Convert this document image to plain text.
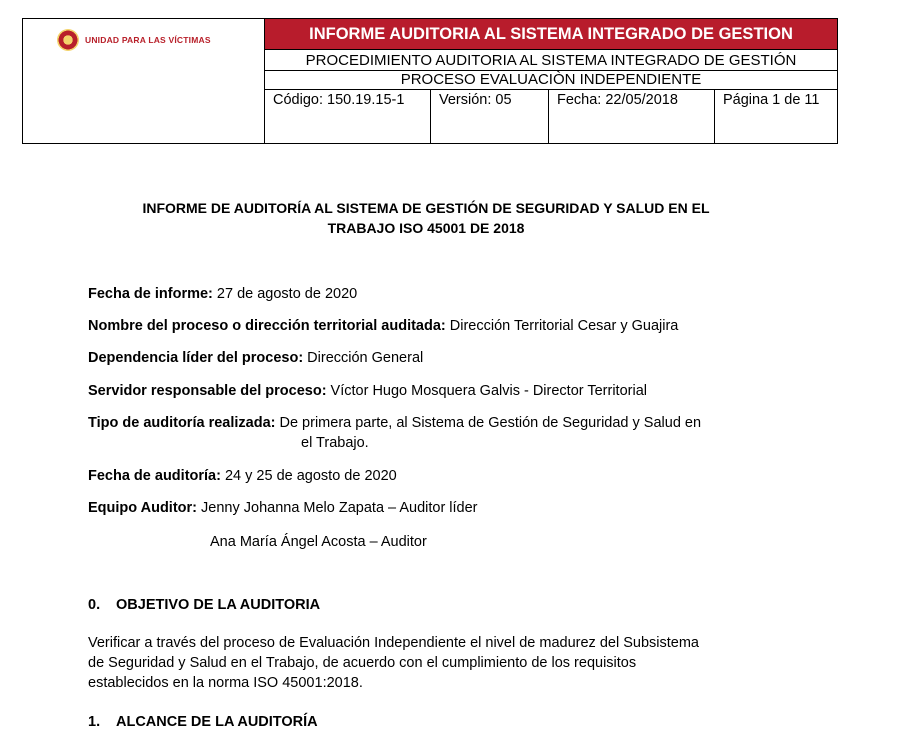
UNIDAD PARA LAS VÍCTIMAS	INFORME AUDITORIA AL SISTEMA INTEGRADO DE GESTION
PROCEDIMIENTO AUDITORIA AL SISTEMA INTEGRADO DE GESTIÓN
PROCESO EVALUACIÒN INDEPENDIENTE
Código: 150.19.15-1	Versión: 05	Fecha: 22/05/2018	Página 1 de 11
INFORME DE AUDITORÍA AL SISTEMA DE GESTIÓN DE SEGURIDAD Y SALUD EN EL
TRABAJO ISO 45001 DE 2018
Fecha de informe: 27 de agosto de 2020
Nombre del proceso o dirección territorial auditada: Dirección Territorial Cesar y Guajira
Dependencia líder del proceso: Dirección General
Servidor responsable del proceso: Víctor Hugo Mosquera Galvis - Director Territorial
Tipo de auditoría realizada: De primera parte, al Sistema de Gestión de Seguridad y Salud en
el Trabajo.
Fecha de auditoría: 24 y 25 de agosto de 2020
Equipo Auditor: Jenny Johanna Melo Zapata – Auditor líder
Ana María Ángel Acosta – Auditor
0. OBJETIVO DE LA AUDITORIA
Verificar a través del proceso de Evaluación Independiente el nivel de madurez del Subsistema
de Seguridad y Salud en el Trabajo, de acuerdo con el cumplimiento de los requisitos
establecidos en la norma ISO 45001:2018.
1. ALCANCE DE LA AUDITORÍA
